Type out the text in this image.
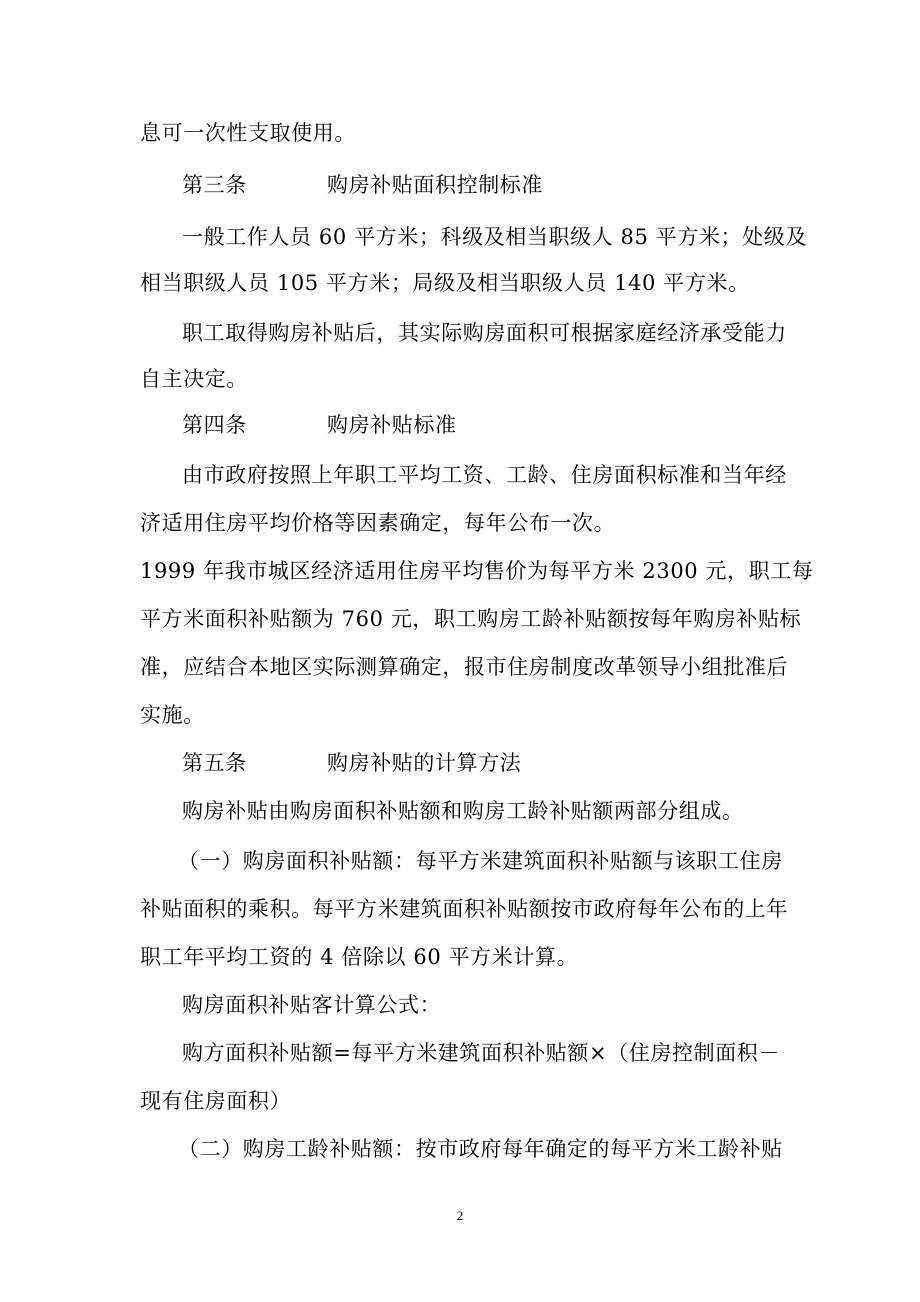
息可一次性支取使用。
第三条	购房补贴面积控制标准
一般工作人员 60 平方米；科级及相当职级人 85 平方米；处级及
相当职级人员 105 平方米；局级及相当职级人员 140 平方米。
职工取得购房补贴后，其实际购房面积可根据家庭经济承受能力
自主决定。
第四条	购房补贴标准
由市政府按照上年职工平均工资、工龄、住房面积标准和当年经
济适用住房平均价格等因素确定，每年公布一次。
1999 年我市城区经济适用住房平均售价为每平方米 2300 元，职工每
平方米面积补贴额为 760 元，职工购房工龄补贴额按每年购房补贴标
准，应结合本地区实际测算确定，报市住房制度改革领导小组批准后
实施。
第五条	购房补贴的计算方法
购房补贴由购房面积补贴额和购房工龄补贴额两部分组成。
（一）购房面积补贴额：每平方米建筑面积补贴额与该职工住房
补贴面积的乘积。每平方米建筑面积补贴额按市政府每年公布的上年
职工年平均工资的 4 倍除以 60 平方米计算。
购房面积补贴客计算公式：
购方面积补贴额=每平方米建筑面积补贴额×（住房控制面积－
现有住房面积）
（二）购房工龄补贴额：按市政府每年确定的每平方米工龄补贴
2
